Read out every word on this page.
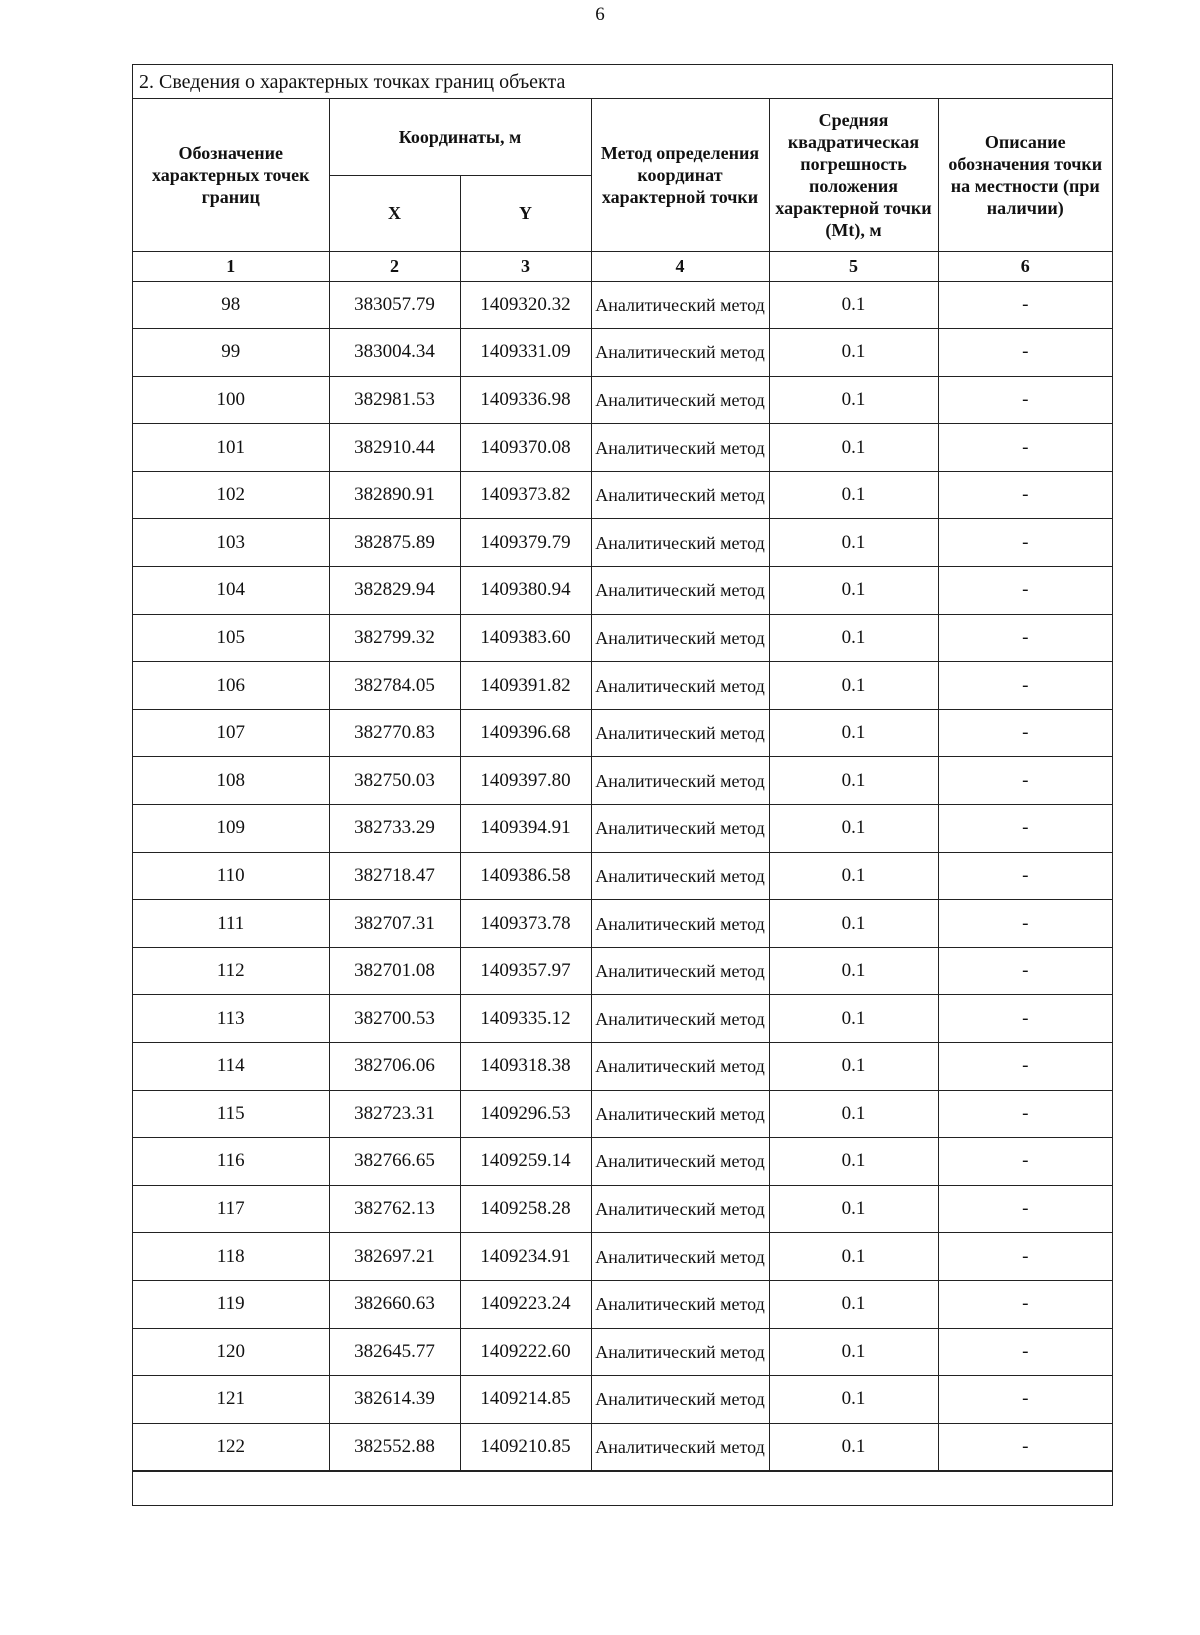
6
2. Сведения о характерных точках границ объекта
Обозначение характерных точек границ	Координаты, м		Метод определения координат характерной точки	Средняя квадратическая погрешность положения характерной точки (Mt), м	Описание обозначения точки на местности (при наличии)
	X	Y			
1	2	3	4	5	6
98	383057.79	1409320.32	Аналитический метод	0.1	-
99	383004.34	1409331.09	Аналитический метод	0.1	-
100	382981.53	1409336.98	Аналитический метод	0.1	-
101	382910.44	1409370.08	Аналитический метод	0.1	-
102	382890.91	1409373.82	Аналитический метод	0.1	-
103	382875.89	1409379.79	Аналитический метод	0.1	-
104	382829.94	1409380.94	Аналитический метод	0.1	-
105	382799.32	1409383.60	Аналитический метод	0.1	-
106	382784.05	1409391.82	Аналитический метод	0.1	-
107	382770.83	1409396.68	Аналитический метод	0.1	-
108	382750.03	1409397.80	Аналитический метод	0.1	-
109	382733.29	1409394.91	Аналитический метод	0.1	-
110	382718.47	1409386.58	Аналитический метод	0.1	-
111	382707.31	1409373.78	Аналитический метод	0.1	-
112	382701.08	1409357.97	Аналитический метод	0.1	-
113	382700.53	1409335.12	Аналитический метод	0.1	-
114	382706.06	1409318.38	Аналитический метод	0.1	-
115	382723.31	1409296.53	Аналитический метод	0.1	-
116	382766.65	1409259.14	Аналитический метод	0.1	-
117	382762.13	1409258.28	Аналитический метод	0.1	-
118	382697.21	1409234.91	Аналитический метод	0.1	-
119	382660.63	1409223.24	Аналитический метод	0.1	-
120	382645.77	1409222.60	Аналитический метод	0.1	-
121	382614.39	1409214.85	Аналитический метод	0.1	-
122	382552.88	1409210.85	Аналитический метод	0.1	-
